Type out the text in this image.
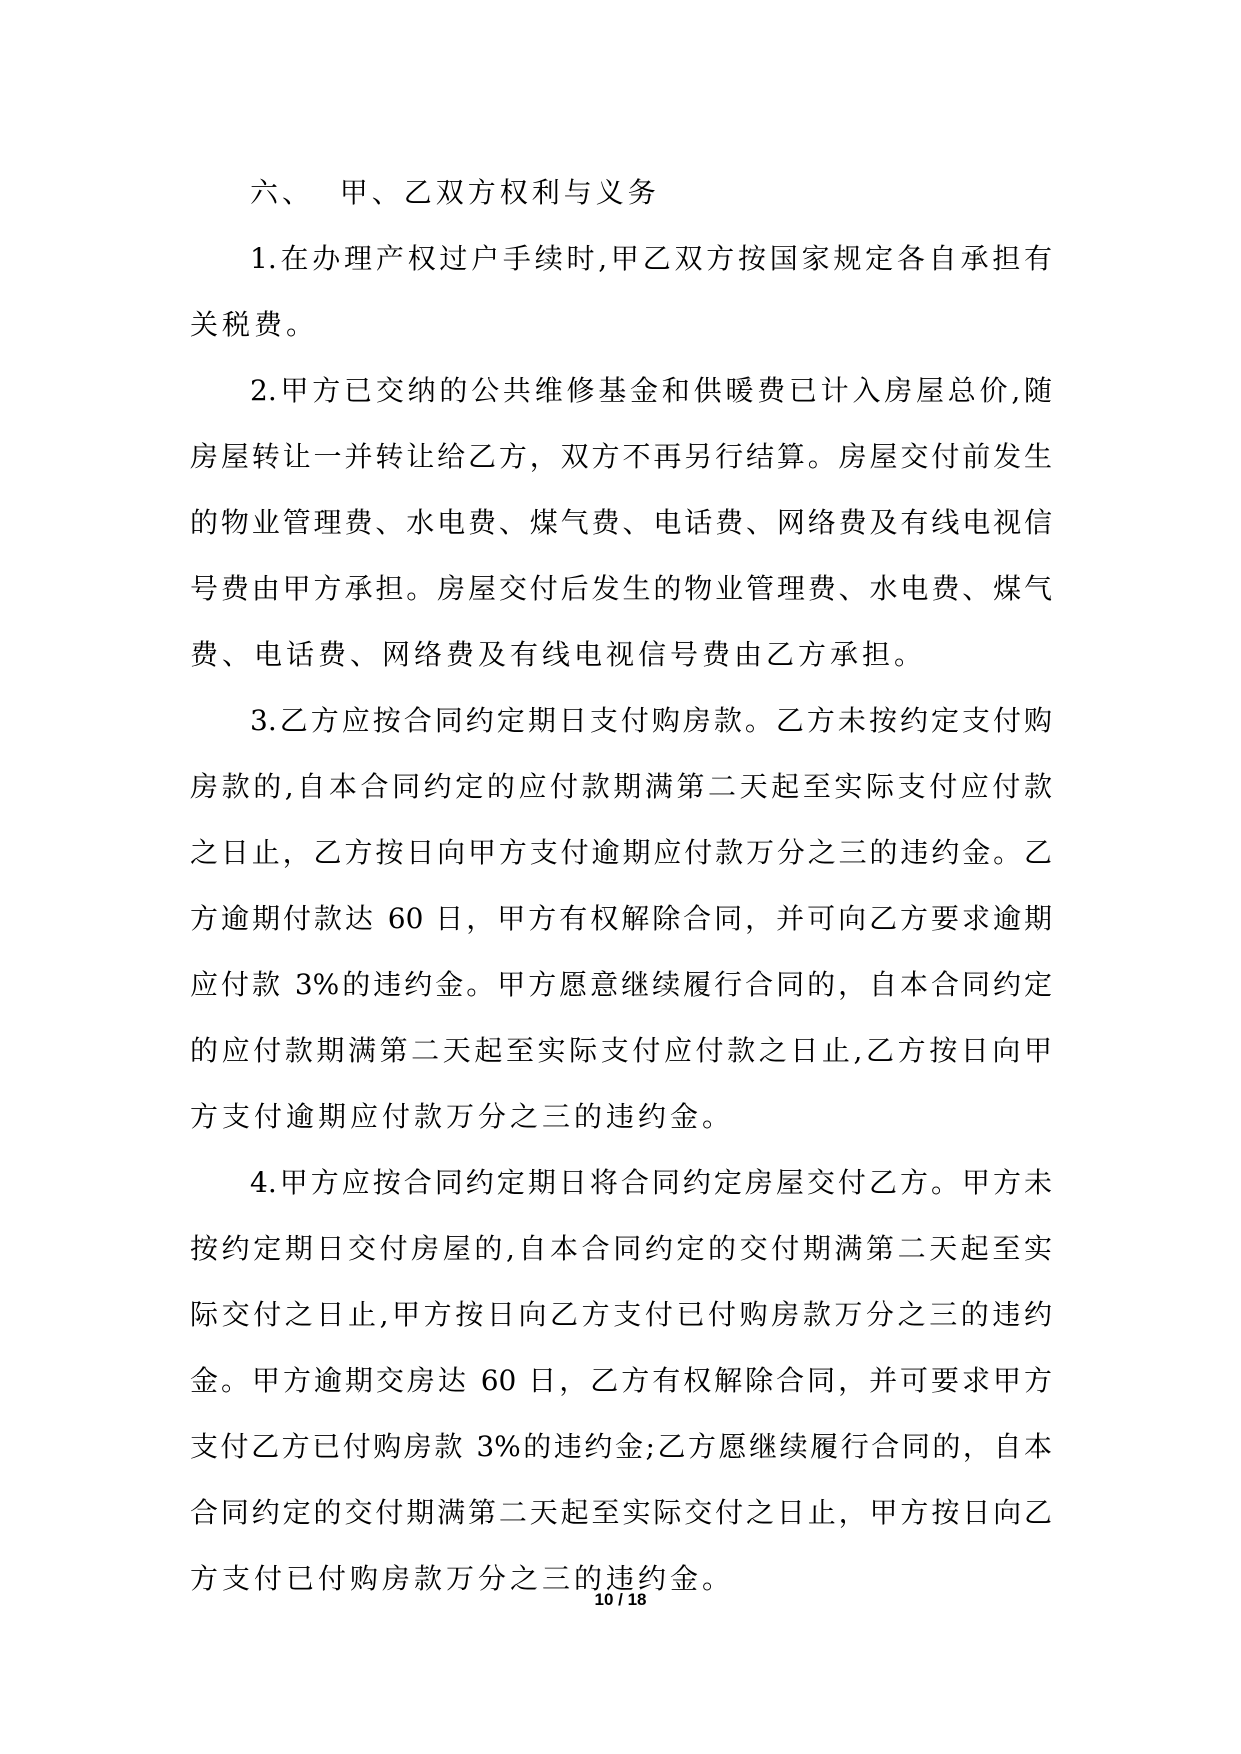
六、  甲、乙双方权利与义务

1.在办理产权过户手续时,甲乙双方按国家规定各自承担有
关税费。

2.甲方已交纳的公共维修基金和供暖费已计入房屋总价,随
房屋转让一并转让给乙方，双方不再另行结算。房屋交付前发生
的物业管理费、水电费、煤气费、电话费、网络费及有线电视信
号费由甲方承担。房屋交付后发生的物业管理费、水电费、煤气
费、电话费、网络费及有线电视信号费由乙方承担。

3.乙方应按合同约定期日支付购房款。乙方未按约定支付购
房款的,自本合同约定的应付款期满第二天起至实际支付应付款
之日止，乙方按日向甲方支付逾期应付款万分之三的违约金。乙
方逾期付款达 60 日，甲方有权解除合同，并可向乙方要求逾期
应付款 3%的违约金。甲方愿意继续履行合同的，自本合同约定
的应付款期满第二天起至实际支付应付款之日止,乙方按日向甲
方支付逾期应付款万分之三的违约金。

4.甲方应按合同约定期日将合同约定房屋交付乙方。甲方未
按约定期日交付房屋的,自本合同约定的交付期满第二天起至实
际交付之日止,甲方按日向乙方支付已付购房款万分之三的违约
金。甲方逾期交房达 60 日，乙方有权解除合同，并可要求甲方
支付乙方已付购房款 3%的违约金;乙方愿继续履行合同的，自本
合同约定的交付期满第二天起至实际交付之日止，甲方按日向乙
方支付已付购房款万分之三的违约金。

10 / 18
